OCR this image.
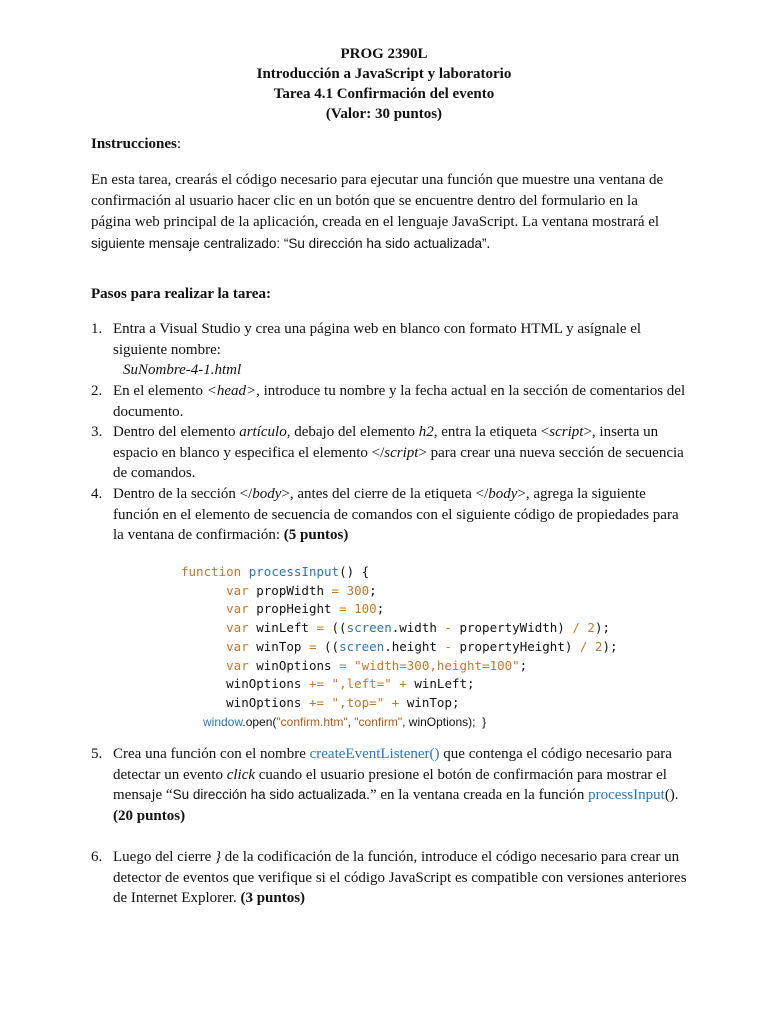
PROG 2390L
Introducción a JavaScript y laboratorio
Tarea 4.1 Confirmación del evento
(Valor: 30 puntos)
Instrucciones:
En esta tarea, crearás el código necesario para ejecutar una función que muestre una ventana de confirmación al usuario hacer clic en un botón que se encuentre dentro del formulario en la página web principal de la aplicación, creada en el lenguaje JavaScript. La ventana mostrará el siguiente mensaje centralizado: “Su dirección ha sido actualizada”.
Pasos para realizar la tarea:
1. Entra a Visual Studio y crea una página web en blanco con formato HTML y asígnale el siguiente nombre:
SuNombre-4-1.html
2. En el elemento <head>, introduce tu nombre y la fecha actual en la sección de comentarios del documento.
3. Dentro del elemento artículo, debajo del elemento h2, entra la etiqueta <script>, inserta un espacio en blanco y especifica el elemento </script> para crear una nueva sección de secuencia de comandos.
4. Dentro de la sección </body>, antes del cierre de la etiqueta </body>, agrega la siguiente función en el elemento de secuencia de comandos con el siguiente código de propiedades para la ventana de confirmación: (5 puntos)
function processInput() {
var propWidth = 300;
var propHeight = 100;
var winLeft = ((screen.width - propertyWidth) / 2);
var winTop = ((screen.height - propertyHeight) / 2);
var winOptions = "width=300,height=100";
winOptions += ",left=" + winLeft;
winOptions += ",top=" + winTop;
window.open("confirm.htm", "confirm", winOptions);  }
5. Crea una función con el nombre createEventListener() que contenga el código necesario para detectar un evento click cuando el usuario presione el botón de confirmación para mostrar el mensaje “Su dirección ha sido actualizada.” en la ventana creada en la función processInput(). (20 puntos)
6. Luego del cierre } de la codificación de la función, introduce el código necesario para crear un detector de eventos que verifique si el código JavaScript es compatible con versiones anteriores de Internet Explorer. (3 puntos)
